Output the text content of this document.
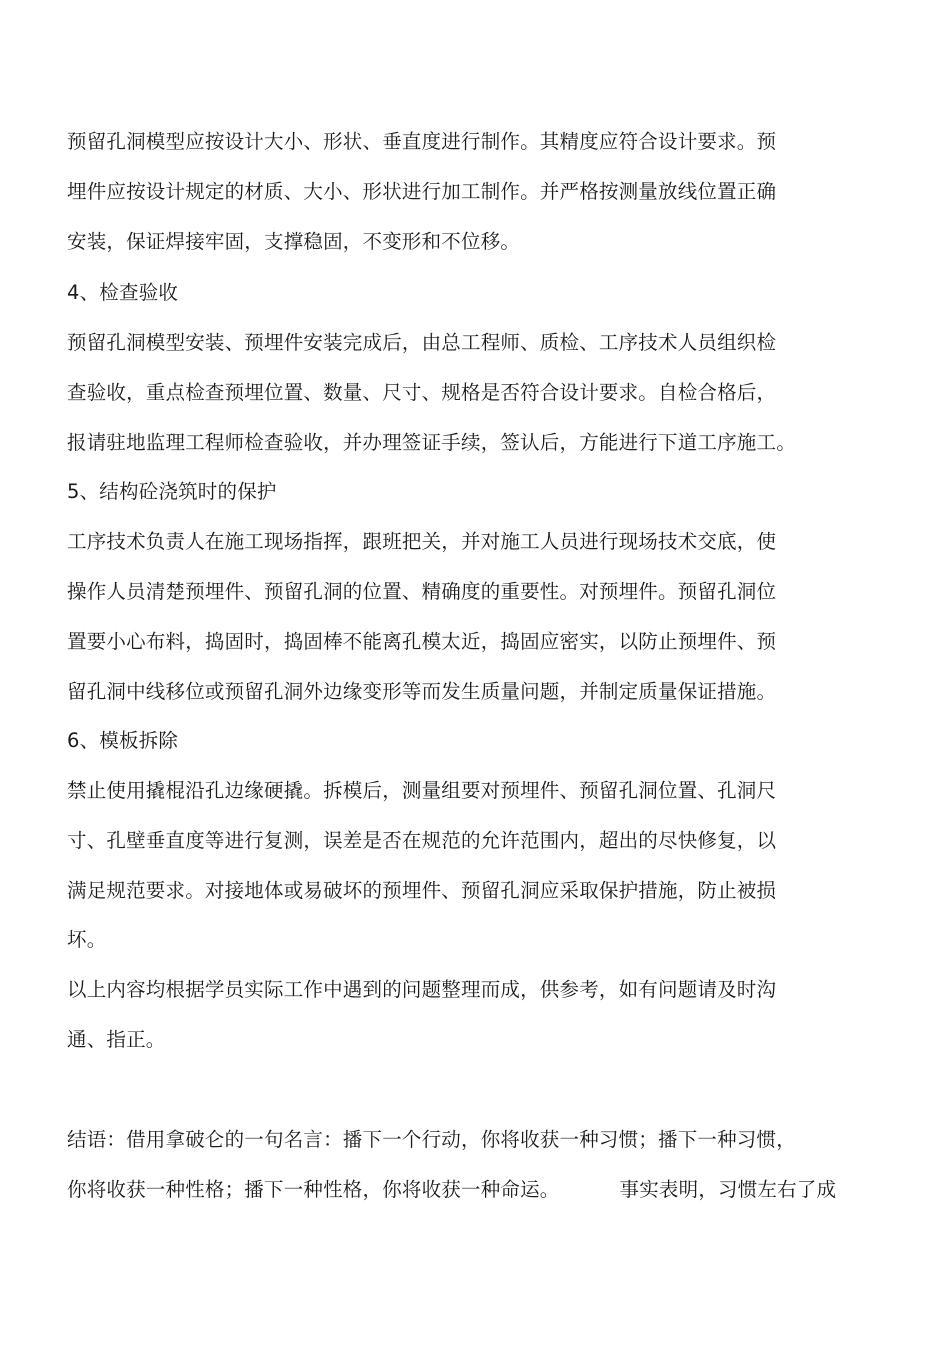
预留孔洞模型应按设计大小、形状、垂直度进行制作。其精度应符合设计要求。预
埋件应按设计规定的材质、大小、形状进行加工制作。并严格按测量放线位置正确
安装，保证焊接牢固，支撑稳固，不变形和不位移。
4、检查验收
预留孔洞模型安装、预埋件安装完成后，由总工程师、质检、工序技术人员组织检
查验收，重点检查预埋位置、数量、尺寸、规格是否符合设计要求。自检合格后，
报请驻地监理工程师检查验收，并办理签证手续，签认后，方能进行下道工序施工。
5、结构砼浇筑时的保护
工序技术负责人在施工现场指挥，跟班把关，并对施工人员进行现场技术交底，使
操作人员清楚预埋件、预留孔洞的位置、精确度的重要性。对预埋件。预留孔洞位
置要小心布料，捣固时，捣固棒不能离孔模太近，捣固应密实，以防止预埋件、预
留孔洞中线移位或预留孔洞外边缘变形等而发生质量问题，并制定质量保证措施。
6、模板拆除
禁止使用撬棍沿孔边缘硬撬。拆模后，测量组要对预埋件、预留孔洞位置、孔洞尺
寸、孔壁垂直度等进行复测，误差是否在规范的允许范围内，超出的尽快修复，以
满足规范要求。对接地体或易破坏的预埋件、预留孔洞应采取保护措施，防止被损
坏。
以上内容均根据学员实际工作中遇到的问题整理而成，供参考，如有问题请及时沟
通、指正。
结语：借用拿破仑的一句名言：播下一个行动，你将收获一种习惯；播下一种习惯，
你将收获一种性格；播下一种性格，你将收获一种命运。	事实表明，习惯左右了成
